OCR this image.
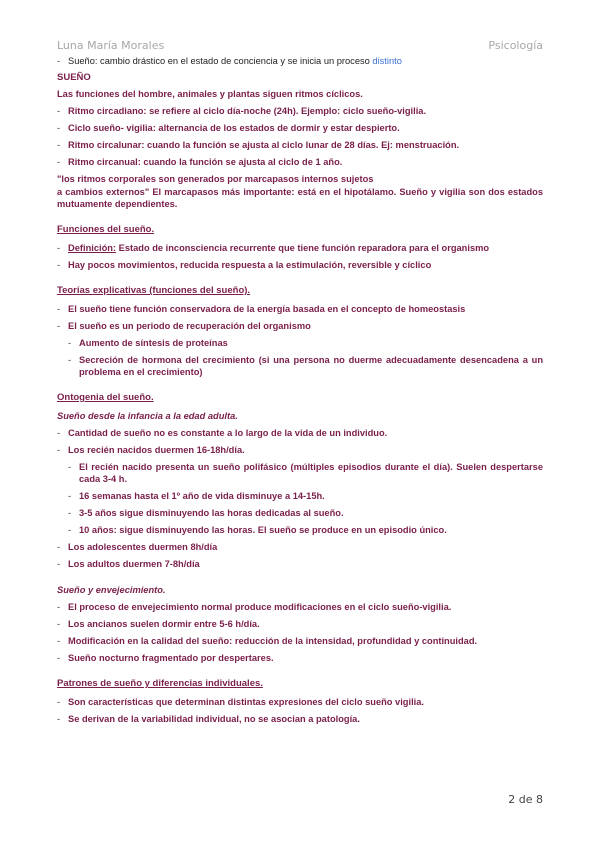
Luna María Morales	Psicología
- Sueño: cambio drástico en el estado de conciencia y se inicia un proceso distinto
SUEÑO
Las funciones del hombre, animales y plantas siguen ritmos cíclicos.
- Ritmo circadiano: se refiere al ciclo día-noche (24h). Ejemplo: ciclo sueño-vigilia.
- Ciclo sueño- vigilia: alternancia de los estados de dormir y estar despierto.
- Ritmo circalunar: cuando la función se ajusta al ciclo lunar de 28 días. Ej: menstruación.
- Ritmo circanual: cuando la función se ajusta al ciclo de 1 año.
"los ritmos corporales son generados por marcapasos internos sujetos
a cambios externos" El marcapasos más importante: está en el hipotálamo. Sueño y vigilia son dos estados mutuamente dependientes.
Funciones del sueño.
- Definición: Estado de inconsciencia recurrente que tiene función reparadora para el organismo
- Hay pocos movimientos, reducida respuesta a la estimulación, reversible y cíclico
Teorías explicativas (funciones del sueño).
- El sueño tiene función conservadora de la energía basada en el concepto de homeostasis
- El sueño es un periodo de recuperación del organismo
- Aumento de síntesis de proteínas
- Secreción de hormona del crecimiento (si una persona no duerme adecuadamente desencadena a un problema en el crecimiento)
Ontogenia del sueño.
Sueño desde la infancia a la edad adulta.
- Cantidad de sueño no es constante a lo largo de la vida de un individuo.
- Los recién nacidos duermen 16-18h/día.
- El recién nacido presenta un sueño polifásico (múltiples episodios durante el día). Suelen despertarse cada 3-4 h.
- 16 semanas hasta el 1º año de vida disminuye a 14-15h.
- 3-5 años sigue disminuyendo las horas dedicadas al sueño.
- 10 años: sigue disminuyendo las horas. El sueño se produce en un episodio único.
- Los adolescentes duermen 8h/día
- Los adultos duermen 7-8h/día
Sueño y envejecimiento.
- El proceso de envejecimiento normal produce modificaciones en el ciclo sueño-vigilia.
- Los ancianos suelen dormir entre 5-6 h/día.
- Modificación en la calidad del sueño: reducción de la intensidad, profundidad y continuidad.
- Sueño nocturno fragmentado por despertares.
Patrones de sueño y diferencias individuales.
- Son características que determinan distintas expresiones del ciclo sueño vigilia.
- Se derivan de la variabilidad individual, no se asocian a patología.
2 de 8
